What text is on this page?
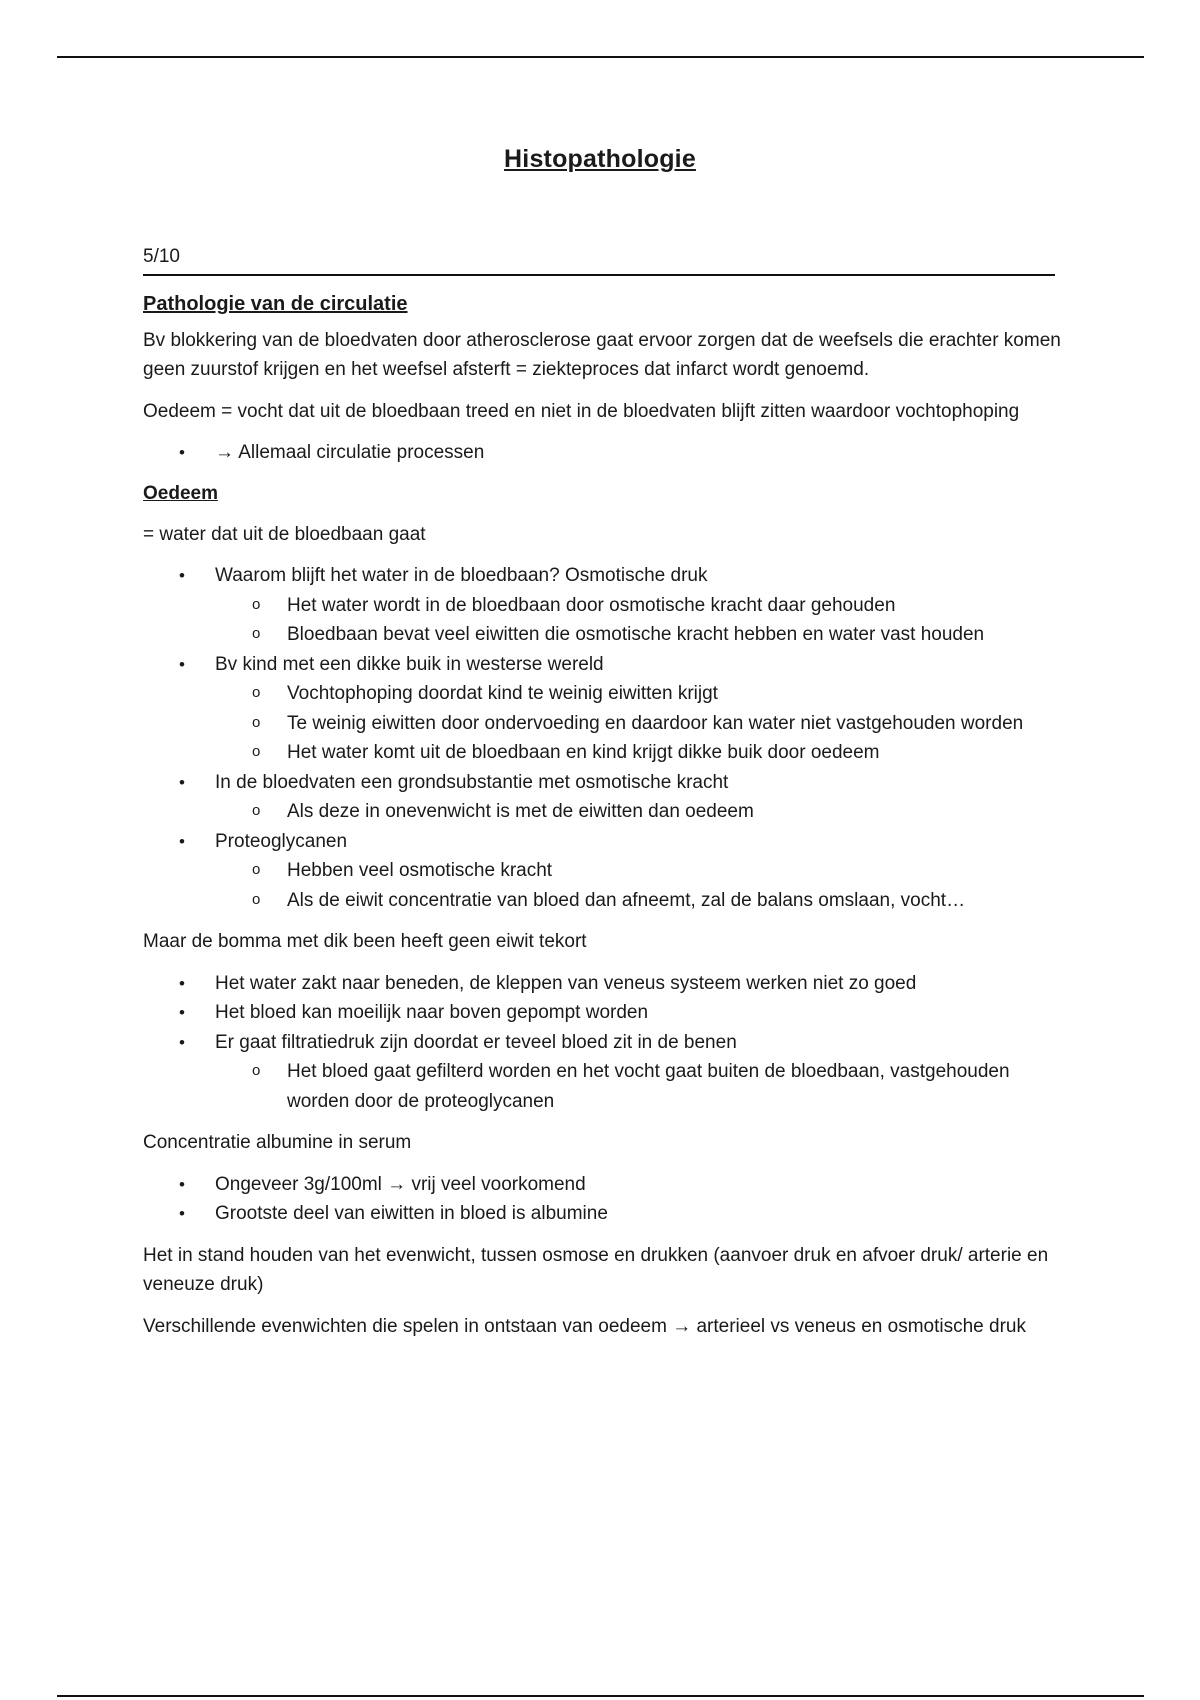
Histopathologie
5/10
Pathologie van de circulatie

Bv blokkering van de bloedvaten door atherosclerose gaat ervoor zorgen dat de weefsels die erachter komen geen zuurstof krijgen en het weefsel afsterft = ziekteproces dat infarct wordt genoemd.

Oedeem = vocht dat uit de bloedbaan treed en niet in de bloedvaten blijft zitten waardoor vochtophoping

• → Allemaal circulatie processen
Oedeem

= water dat uit de bloedbaan gaat

• Waarom blijft het water in de bloedbaan? Osmotische druk
o Het water wordt in de bloedbaan door osmotische kracht daar gehouden
o Bloedbaan bevat veel eiwitten die osmotische kracht hebben en water vast houden
• Bv kind met een dikke buik in westerse wereld
o Vochtophoping doordat kind te weinig eiwitten krijgt
o Te weinig eiwitten door ondervoeding en daardoor kan water niet vastgehouden worden
o Het water komt uit de bloedbaan en kind krijgt dikke buik door oedeem
• In de bloedvaten een grondsubstantie met osmotische kracht
o Als deze in onevenwicht is met de eiwitten dan oedeem
• Proteoglycanen
o Hebben veel osmotische kracht
o Als de eiwit concentratie van bloed dan afneemt, zal de balans omslaan, vocht…

Maar de bomma met dik been heeft geen eiwit tekort

• Het water zakt naar beneden, de kleppen van veneus systeem werken niet zo goed
• Het bloed kan moeilijk naar boven gepompt worden
• Er gaat filtratiedruk zijn doordat er teveel bloed zit in de benen
o Het bloed gaat gefilterd worden en het vocht gaat buiten de bloedbaan, vastgehouden worden door de proteoglycanen

Concentratie albumine in serum

• Ongeveer 3g/100ml → vrij veel voorkomend
• Grootste deel van eiwitten in bloed is albumine

Het in stand houden van het evenwicht, tussen osmose en drukken (aanvoer druk en afvoer druk/ arterie en veneuze druk)

Verschillende evenwichten die spelen in ontstaan van oedeem → arterieel vs veneus en osmotische druk
